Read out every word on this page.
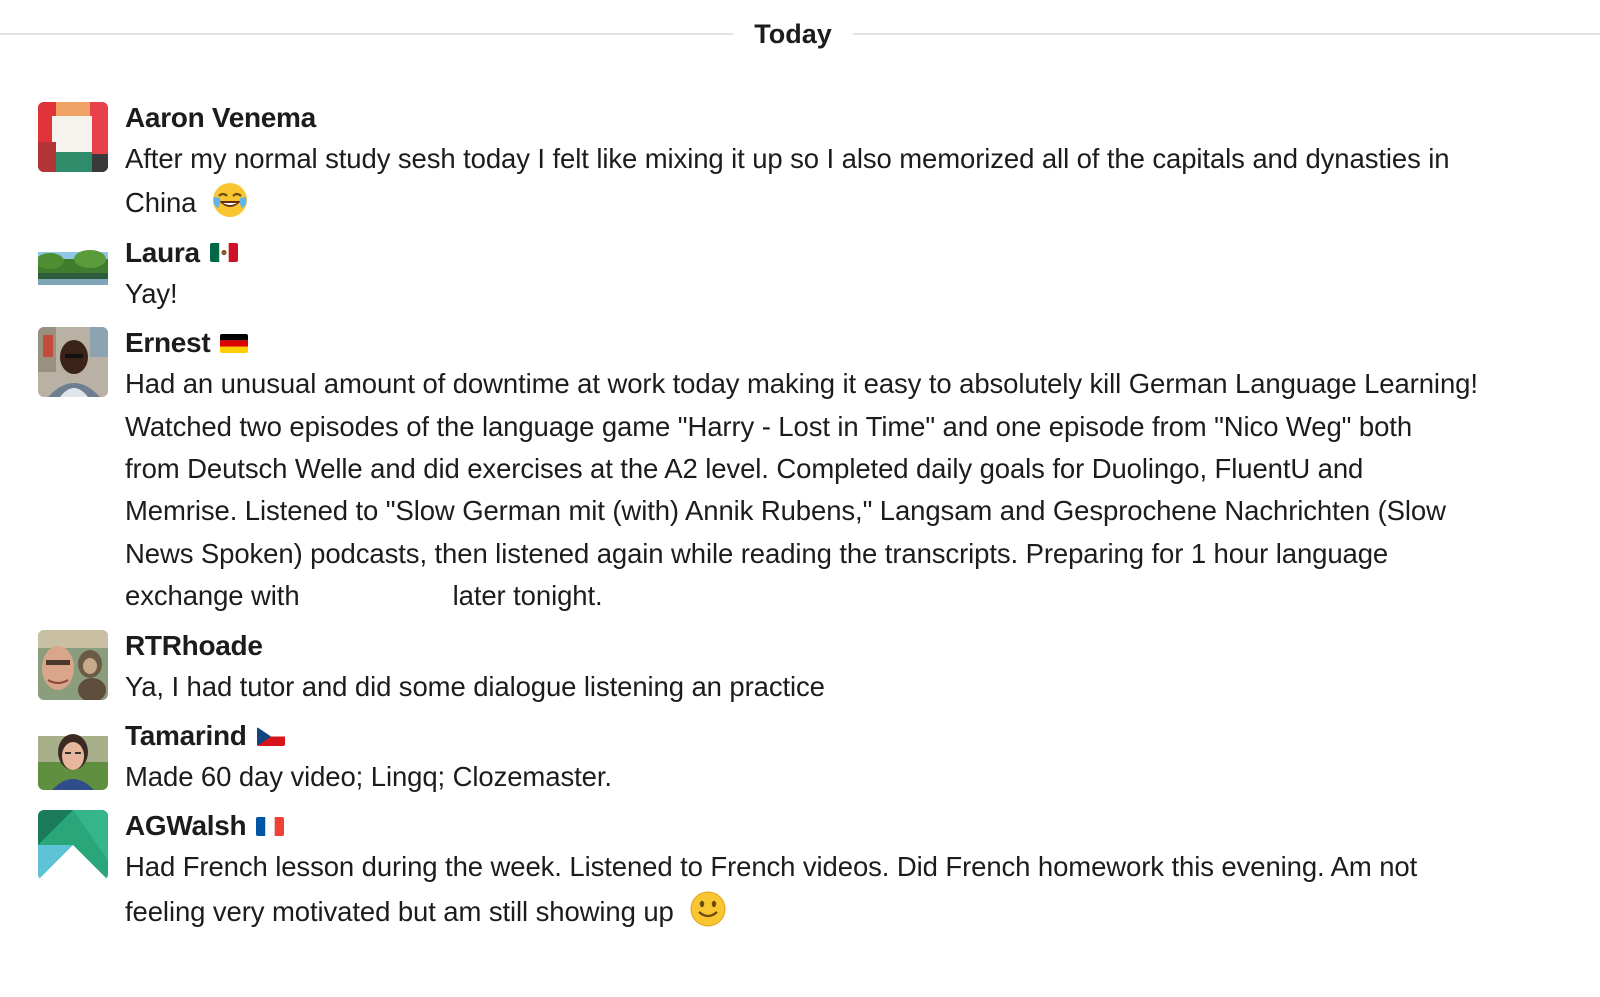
Today
Aaron Venema
After my normal study sesh today I felt like mixing it up so I also memorized all of the capitals and dynasties in
China
Laura
Yay!
Ernest
Had an unusual amount of downtime at work today making it easy to absolutely kill German Language Learning!
Watched two episodes of the language game "Harry - Lost in Time" and one episode from "Nico Weg" both
from Deutsch Welle and did exercises at the A2 level. Completed daily goals for Duolingo, FluentU and
Memrise. Listened to "Slow German mit (with) Annik Rubens," Langsam and Gesprochene Nachrichten (Slow
News Spoken) podcasts, then listened again while reading the transcripts. Preparing for 1 hour language
exchange with	later tonight.
RTRhoade
Ya, I had tutor and did some dialogue listening an practice
Tamarind
Made 60 day video; Lingq; Clozemaster.
AGWalsh
Had French lesson during the week. Listened to French videos. Did French homework this evening. Am not
feeling very motivated but am still showing up
